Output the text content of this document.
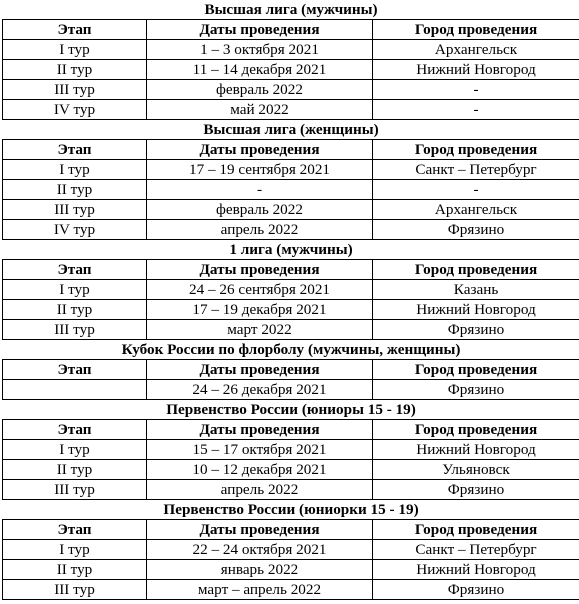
Высшая лига (мужчины)		
Этап	Даты проведения	Город проведения
I тур	1 – 3 октября 2021	Архангельск
II тур	11 – 14 декабря 2021	Нижний Новгород
III тур	февраль 2022	-
IV тур	май 2022	-
Высшая лига (женщины)		
Этап	Даты проведения	Город проведения
I тур	17 – 19 сентября 2021	Санкт – Петербург
II тур	-	-
III тур	февраль 2022	Архангельск
IV тур	апрель 2022	Фрязино
1 лига (мужчины)		
Этап	Даты проведения	Город проведения
I тур	24 – 26 сентября 2021	Казань
II тур	17 – 19 декабря 2021	Нижний Новгород
III тур	март 2022	Фрязино
Кубок России по флорболу (мужчины, женщины)		
Этап	Даты проведения	Город проведения
	24 – 26 декабря 2021	Фрязино
Первенство России (юниоры 15 - 19)		
Этап	Даты проведения	Город проведения
I тур	15 – 17 октября 2021	Нижний Новгород
II тур	10 – 12 декабря 2021	Ульяновск
III тур	апрель 2022	Фрязино
Первенство России (юниорки 15 - 19)		
Этап	Даты проведения	Город проведения
I тур	22 – 24 октября 2021	Санкт – Петербург
II тур	январь 2022	Нижний Новгород
III тур	март – апрель 2022	Фрязино
